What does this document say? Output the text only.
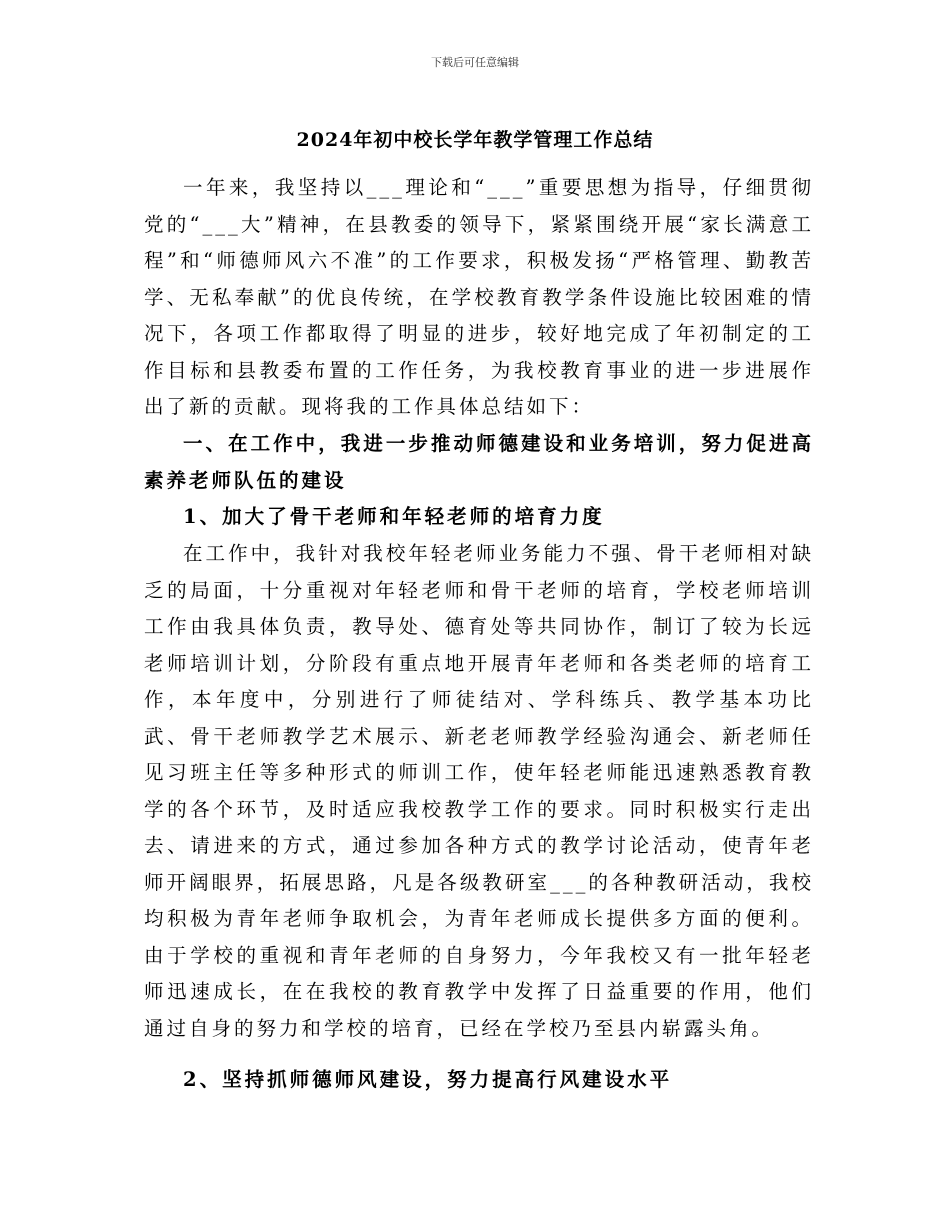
下载后可任意编辑
2024年初中校长学年教学管理工作总结

一年来，我坚持以___理论和“___”重要思想为指导，仔细贯彻党的“___大”精神，在县教委的领导下，紧紧围绕开展“家长满意工程”和“师德师风六不准”的工作要求，积极发扬“严格管理、勤教苦学、无私奉献”的优良传统，在学校教育教学条件设施比较困难的情况下，各项工作都取得了明显的进步，较好地完成了年初制定的工作目标和县教委布置的工作任务，为我校教育事业的进一步进展作出了新的贡献。现将我的工作具体总结如下：

一、在工作中，我进一步推动师德建设和业务培训，努力促进高素养老师队伍的建设

1、加大了骨干老师和年轻老师的培育力度

在工作中，我针对我校年轻老师业务能力不强、骨干老师相对缺乏的局面，十分重视对年轻老师和骨干老师的培育，学校老师培训工作由我具体负责，教导处、德育处等共同协作，制订了较为长远老师培训计划，分阶段有重点地开展青年老师和各类老师的培育工作，本年度中，分别进行了师徒结对、学科练兵、教学基本功比武、骨干老师教学艺术展示、新老老师教学经验沟通会、新老师任见习班主任等多种形式的师训工作，使年轻老师能迅速熟悉教育教学的各个环节，及时适应我校教学工作的要求。同时积极实行走出去、请进来的方式，通过参加各种方式的教学讨论活动，使青年老师开阔眼界，拓展思路，凡是各级教研室___的各种教研活动，我校均积极为青年老师争取机会，为青年老师成长提供多方面的便利。由于学校的重视和青年老师的自身努力，今年我校又有一批年轻老师迅速成长，在在我校的教育教学中发挥了日益重要的作用，他们通过自身的努力和学校的培育，已经在学校乃至县内崭露头角。

2、坚持抓师德师风建设，努力提高行风建设水平
